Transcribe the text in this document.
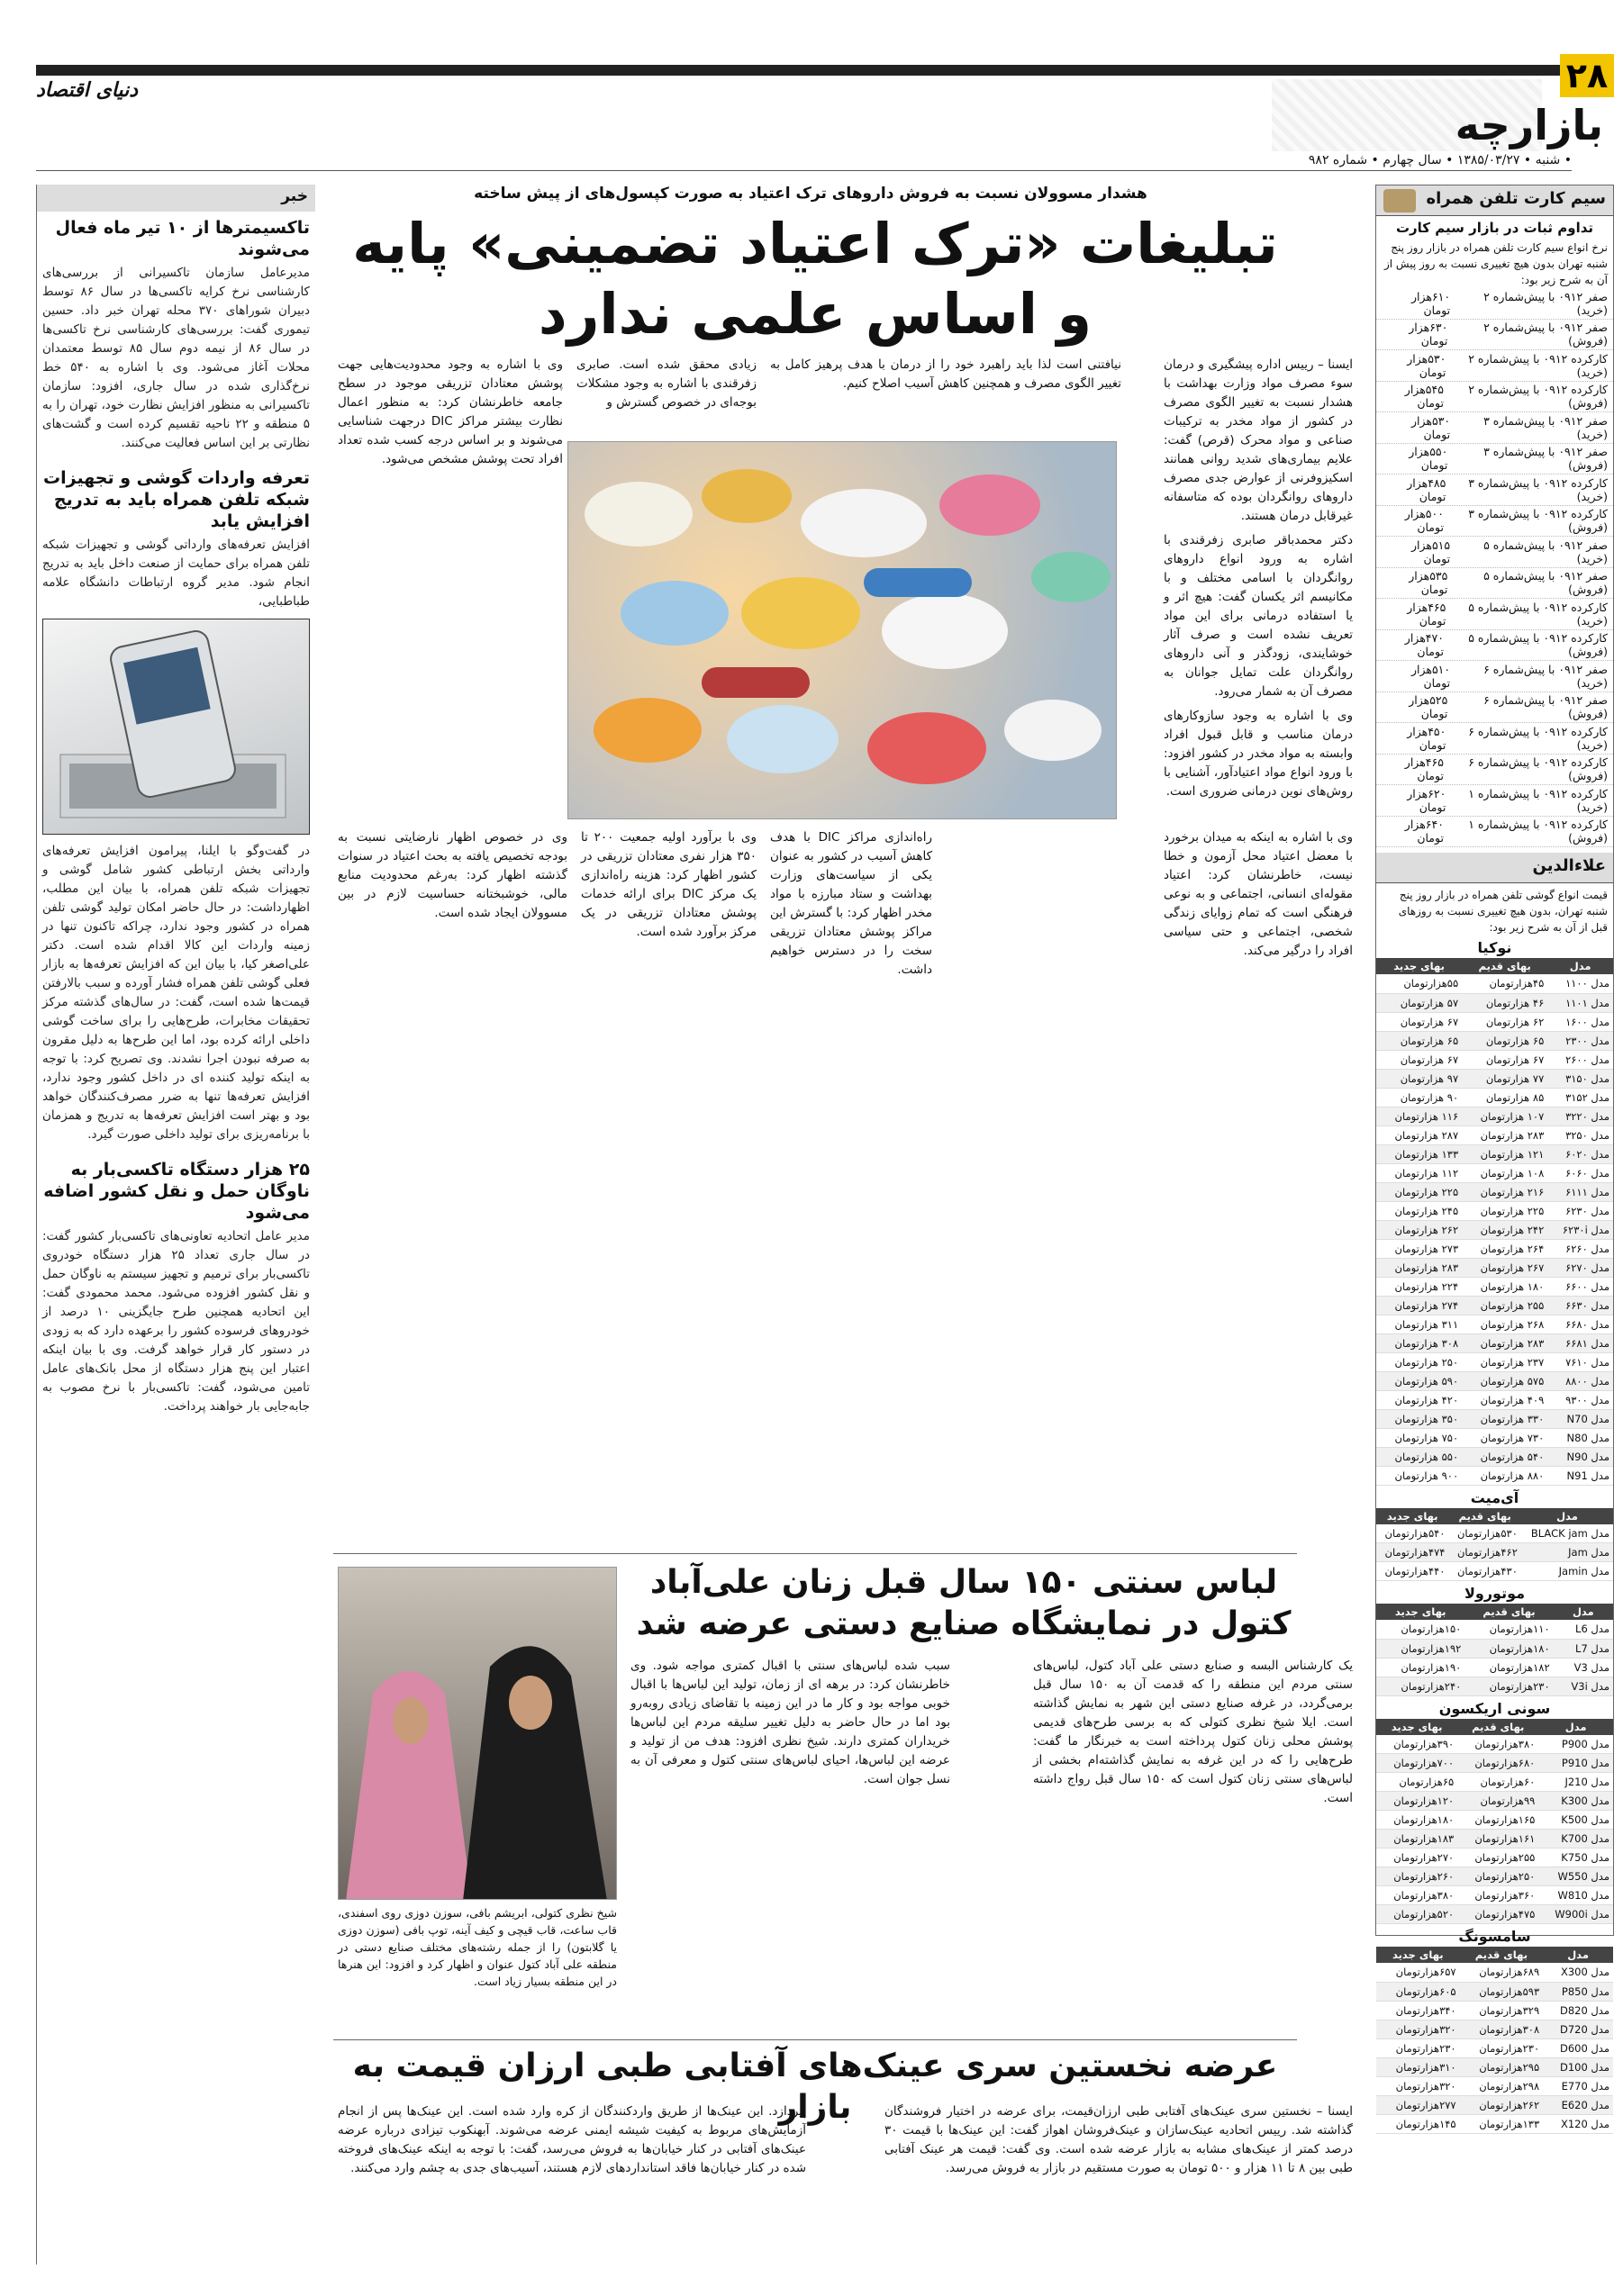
۲۸
بازارچه
دنیای اقتصاد
• شنبه • ۱۳۸۵/۰۳/۲۷ • سال چهارم • شماره ۹۸۲
سیم کارت تلفن همراه
تداوم ثبات در بازار سیم کارت
نرخ انواع سیم کارت تلفن همراه در بازار روز پنج شنبه تهران بدون هیچ تغییری نسبت به روز پیش از آن به شرح زیر بود:
صفر ۰۹۱۲ با پیش‌شماره ۲ (خرید)
۶۱۰هزار تومان
صفر ۰۹۱۲ با پیش‌شماره ۲ (فروش)
۶۳۰هزار تومان
کارکرده ۰۹۱۲ با پیش‌شماره ۲ (خرید)
۵۳۰هزار تومان
کارکرده ۰۹۱۲ با پیش‌شماره ۲ (فروش)
۵۴۵هزار تومان
صفر ۰۹۱۲ با پیش‌شماره ۳ (خرید)
۵۳۰هزار تومان
صفر ۰۹۱۲ با پیش‌شماره ۳ (فروش)
۵۵۰هزار تومان
کارکرده ۰۹۱۲ با پیش‌شماره ۳ (خرید)
۴۸۵هزار تومان
کارکرده ۰۹۱۲ با پیش‌شماره ۳ (فروش)
۵۰۰هزار تومان
صفر ۰۹۱۲ با پیش‌شماره ۵ (خرید)
۵۱۵هزار تومان
صفر ۰۹۱۲ با پیش‌شماره ۵ (فروش)
۵۳۵هزار تومان
کارکرده ۰۹۱۲ با پیش‌شماره ۵ (خرید)
۴۶۵هزار تومان
کارکرده ۰۹۱۲ با پیش‌شماره ۵ (فروش)
۴۷۰هزار تومان
صفر ۰۹۱۲ با پیش‌شماره ۶ (خرید)
۵۱۰هزار تومان
صفر ۰۹۱۲ با پیش‌شماره ۶ (فروش)
۵۲۵هزار تومان
کارکرده ۰۹۱۲ با پیش‌شماره ۶ (خرید)
۴۵۰هزار تومان
کارکرده ۰۹۱۲ با پیش‌شماره ۶ (فروش)
۴۶۵هزار تومان
کارکرده ۰۹۱۲ با پیش‌شماره ۱ (خرید)
۶۲۰هزار تومان
کارکرده ۰۹۱۲ با پیش‌شماره ۱ (فروش)
۶۴۰هزار تومان
علاءالدین
قیمت انواع گوشی تلفن همراه در بازار روز پنج شنبه تهران، بدون هیچ تغییری نسبت به روزهای قبل از آن به شرح زیر بود:
نوکیا
مدل	بهای قدیم	بهای جدید
مدل ۱۱۰۰	۴۵هزارتومان	۵۵هزارتومان
مدل ۱۱۰۱	۴۶ هزارتومان	۵۷ هزارتومان
مدل ۱۶۰۰	۶۲ هزارتومان	۶۷ هزارتومان
مدل ۲۳۰۰	۶۵ هزارتومان	۶۵ هزارتومان
مدل ۲۶۰۰	۶۷ هزارتومان	۶۷ هزارتومان
مدل ۳۱۵۰	۷۷ هزارتومان	۹۷ هزارتومان
مدل ۳۱۵۲	۸۵ هزارتومان	۹۰ هزارتومان
مدل ۳۲۲۰	۱۰۷ هزارتومان	۱۱۶ هزارتومان
مدل ۳۲۵۰	۲۸۳ هزارتومان	۲۸۷ هزارتومان
مدل ۶۰۲۰	۱۲۱ هزارتومان	۱۳۳ هزارتومان
مدل ۶۰۶۰	۱۰۸ هزارتومان	۱۱۲ هزارتومان
مدل ۶۱۱۱	۲۱۶ هزارتومان	۲۲۵ هزارتومان
مدل ۶۲۳۰	۲۲۵ هزارتومان	۲۴۵ هزارتومان
مدل ۶۲۳۰i	۲۴۲ هزارتومان	۲۶۲ هزارتومان
مدل ۶۲۶۰	۲۶۴ هزارتومان	۲۷۳ هزارتومان
مدل ۶۲۷۰	۲۶۷ هزارتومان	۲۸۳ هزارتومان
مدل ۶۶۰۰	۱۸۰ هزارتومان	۲۲۴ هزارتومان
مدل ۶۶۳۰	۲۵۵ هزارتومان	۲۷۴ هزارتومان
مدل ۶۶۸۰	۲۶۸ هزارتومان	۳۱۱ هزارتومان
مدل ۶۶۸۱	۲۸۳ هزارتومان	۳۰۸ هزارتومان
مدل ۷۶۱۰	۲۳۷ هزارتومان	۲۵۰ هزارتومان
مدل ۸۸۰۰	۵۷۵ هزارتومان	۵۹۰ هزارتومان
مدل ۹۳۰۰	۴۰۹ هزارتومان	۴۲۰ هزارتومان
مدل N70	۳۳۰ هزارتومان	۳۵۰ هزارتومان
مدل N80	۷۳۰ هزارتومان	۷۵۰ هزارتومان
مدل N90	۵۴۰ هزارتومان	۵۵۰ هزارتومان
مدل N91	۸۸۰ هزارتومان	۹۰۰ هزارتومان
آی‌میت
مدل	بهای قدیم	بهای جدید
مدل BLACK jam	۵۳۰هزارتومان	۵۴۰هزارتومان
مدل Jam	۴۶۲هزارتومان	۴۷۴هزارتومان
مدل Jamin	۴۳۰هزارتومان	۴۴۰هزارتومان
موتورولا
مدل	بهای قدیم	بهای جدید
مدل L6	۱۱۰هزارتومان	۱۵۰هزارتومان
مدل L7	۱۸۰هزارتومان	۱۹۲هزارتومان
مدل V3	۱۸۲هزارتومان	۱۹۰هزارتومان
مدل V3i	۲۳۰هزارتومان	۲۴۰هزارتومان
سونی اریکسون
مدل	بهای قدیم	بهای جدید
مدل P900	۳۸۰هزارتومان	۳۹۰هزارتومان
مدل P910	۶۸۰هزارتومان	۷۰۰هزارتومان
مدل J210	۶۰هزارتومان	۶۵هزارتومان
مدل K300	۹۹هزارتومان	۱۲۰هزارتومان
مدل K500	۱۶۵هزارتومان	۱۸۰هزارتومان
مدل K700	۱۶۱هزارتومان	۱۸۳هزارتومان
مدل K750	۲۵۵هزارتومان	۲۷۰هزارتومان
مدل W550	۲۵۰هزارتومان	۲۶۰هزارتومان
مدل W810	۳۶۰هزارتومان	۳۸۰هزارتومان
مدل W900i	۴۷۵هزارتومان	۵۲۰هزارتومان
سامسونگ
مدل	بهای قدیم	بهای جدید
مدل X300	۶۸۹هزارتومان	۶۵۷هزارتومان
مدل P850	۵۹۳هزارتومان	۶۰۵هزارتومان
مدل D820	۳۲۹هزارتومان	۳۴۰هزارتومان
مدل D720	۳۰۸هزارتومان	۳۲۰هزارتومان
مدل D600	۲۳۰هزارتومان	۲۳۰هزارتومان
مدل D100	۲۹۵هزارتومان	۳۱۰هزارتومان
مدل E770	۲۹۸هزارتومان	۳۲۰هزارتومان
مدل E620	۲۶۲هزارتومان	۲۷۷هزارتومان
مدل X120	۱۳۳هزارتومان	۱۴۵هزارتومان
خبر
تاکسیمتر‌ها از ۱۰ تیر ماه فعال می‌شوند
مدیرعامل سازمان تاکسیرانی از بررسی‌های کارشناسی نرخ کرایه تاکسی‌ها در سال ۸۶ توسط دبیران شوراهای ۳۷۰ محله تهران خبر داد. حسین تیموری گفت: بررسی‌های کارشناسی نرخ تاکسی‌ها در سال ۸۶ از نیمه دوم سال ۸۵ توسط معتمدان محلات آغاز می‌شود. وی با اشاره به ۵۴۰ خط نرخ‌گذاری شده در سال جاری، افزود: سازمان تاکسیرانی به منظور افزایش نظارت خود، تهران را به ۵ منطقه و ۲۲ ناحیه تقسیم کرده است و گشت‌های نظارتی بر این اساس فعالیت می‌کنند.
تعرفه واردات گوشی و تجهیزات شبکه تلفن همراه باید به تدریج افزایش یابد
افزایش تعرفه‌های وارداتی گوشی و تجهیزات شبکه تلفن همراه برای حمایت از صنعت داخل باید به تدریج انجام شود. مدیر گروه ارتباطات دانشگاه علامه طباطبایی،
در گفت‌وگو با ایلنا، پیرامون افزایش تعرفه‌های وارداتی بخش ارتباطی کشور شامل گوشی و تجهیزات شبکه تلفن همراه، با بیان این مطلب، اظهارداشت: در حال حاضر امکان تولید گوشی تلفن همراه در کشور وجود ندارد، چراکه تاکنون تنها در زمینه واردات این کالا اقدام شده است. دکتر علی‌اصغر کیا، با بیان این که افزایش تعرفه‌ها به بازار فعلی گوشی تلفن همراه فشار آورده و سبب بالارفتن قیمت‌ها شده است، گفت: در سال‌های گذشته مرکز تحقیقات مخابرات، طرح‌هایی را برای ساخت گوشی داخلی ارائه کرده بود، اما این طرح‌ها به دلیل مقرون به صرفه نبودن اجرا نشدند. وی تصریح کرد: با توجه به اینکه تولید کننده ای در داخل کشور وجود ندارد، افزایش تعرفه‌ها تنها به ضرر مصرف‌کنندگان خواهد بود و بهتر است افزایش تعرفه‌ها به تدریج و همزمان با برنامه‌ریزی برای تولید داخلی صورت گیرد.
۲۵ هزار دستگاه تاکسی‌بار به ناوگان حمل و نقل کشور اضافه می‌شود
مدیر عامل اتحادیه تعاونی‌های تاکسی‌بار کشور گفت: در سال جاری تعداد ۲۵ هزار دستگاه خودروی تاکسی‌بار برای ترمیم و تجهیز سیستم به ناوگان حمل و نقل کشور افزوده می‌شود. محمد محمودی گفت: این اتحادیه همچنین طرح جایگزینی ۱۰ درصد از خودروهای فرسوده کشور را برعهده دارد که به زودی در دستور کار قرار خواهد گرفت. وی با بیان اینکه اعتبار این پنج هزار دستگاه از محل بانک‌های عامل تامین می‌شود، گفت: تاکسی‌بار با نرخ مصوب به جابه‌جایی بار خواهند پرداخت.
هشدار مسوولان نسبت به فروش داروهای ترک اعتیاد به صورت کپسول‌های از پیش ساخته
تبلیغات «ترک اعتیاد تضمینی» پایه و اساس علمی ندارد

ایسنا – رییس اداره پیشگیری و درمان سوء مصرف مواد وزارت بهداشت با هشدار نسبت به تغییر الگوی مصرف در کشور از مواد مخدر به ترکیبات صناعی و مواد محرک (قرص) گفت: علایم بیماری‌های شدید روانی همانند اسکیزوفرنی از عوارض جدی مصرف داروهای روانگردان بوده که متاسفانه غیرقابل درمان هستند.

دکتر محمدباقر صابری زفرقندی با اشاره به ورود انواع داروهای روانگردان با اسامی مختلف و با مکانیسم اثر یکسان گفت: هیچ اثر و یا استفاده درمانی برای این مواد تعریف نشده است و صرف آثار خوشایندی، زودگذر و آنی داروهای روانگردان علت تمایل جوانان به مصرف آن به شمار می‌رود.

وی با اشاره به وجود سازوکارهای درمان مناسب و قابل قبول افراد وابسته به مواد مخدر در کشور افزود: با ورود انواع مواد اعتیادآور، آشنایی با روش‌های نوین درمانی ضروری است.

نیافتنی است لذا باید راهبرد خود را از درمان با هدف پرهیز کامل به تغییر الگوی مصرف و همچنین کاهش آسیب اصلاح کنیم.
زیادی محقق شده است. صابری زفرقندی با اشاره به وجود مشکلات بوجه‌ای در خصوص گسترش و
وی با اشاره به وجود محدودیت‌هایی جهت پوشش معتادان تزریقی موجود در سطح جامعه خاطرنشان کرد: به منظور اعمال نظارت بیشتر مراکز DIC درجهت شناسایی می‌شوند و بر اساس درجه کسب شده تعداد افراد تحت پوشش مشخص می‌شود.
وی با اشاره به اینکه به میدان برخورد با معضل اعتیاد محل آزمون و خطا نیست، خاطرنشان کرد: اعتیاد مقوله‌ای انسانی، اجتماعی و به نوعی فرهنگی است که تمام زوایای زندگی شخصی، اجتماعی و حتی سیاسی افراد را درگیر می‌کند.
راه‌اندازی مراکز DIC با هدف کاهش آسیب در کشور به عنوان یکی از سیاست‌های وزارت بهداشت و ستاد مبارزه با مواد مخدر اظهار کرد: با گسترش این مراکز پوشش معتادان تزریقی سخت را در دسترس خواهیم داشت.
وی با برآورد اولیه جمعیت ۲۰۰ تا ۳۵۰ هزار نفری معتادان تزریقی در کشور اظهار کرد: هزینه راه‌اندازی یک مرکز DIC برای ارائه خدمات پوشش معتادان تزریقی در یک مرکز برآورد شده است.
وی در خصوص اظهار نارضایتی نسبت به بودجه تخصیص یافته به بحث اعتیاد در سنوات گذشته اظهار کرد: به‌رغم محدودیت منابع مالی، خوشبختانه حساسیت لازم در بین مسوولان ایجاد شده است.
لباس سنتی ۱۵۰ سال قبل زنان علی‌آباد کتول در نمایشگاه صنایع دستی عرضه شد
یک کارشناس البسه و صنایع دستی علی آباد کتول، لباس‌های سنتی مردم این منطقه را که قدمت آن به ۱۵۰ سال قبل برمی‌گردد، در غرفه صنایع دستی این شهر به نمایش گذاشته است. ایلا شیخ نظری کتولی که به برسی طرح‌های قدیمی پوشش محلی زنان کتول پرداخته است به خبرنگار ما گفت: طرح‌هایی را که در این غرفه به نمایش گذاشته‌ام بخشی از لباس‌های سنتی زنان کتول است که ۱۵۰ سال قبل رواج داشته است.
سبب شده لباس‌های سنتی با اقبال کمتری مواجه شود. وی خاطرنشان کرد: در برهه ای از زمان، تولید این لباس‌ها با اقبال خوبی مواجه بود و کار ما در این زمینه با تقاضای زیادی روبه‌رو بود اما در حال حاضر به دلیل تغییر سلیقه مردم این لباس‌ها خریداران کمتری دارند. شیخ نظری افزود: هدف من از تولید و عرضه این لباس‌ها، احیای لباس‌های سنتی کتول و معرفی آن به نسل جوان است.
شیخ نظری کتولی، ابریشم بافی، سوزن دوزی روی اسفندی، قاب ساعت، قاب قیچی و کیف آینه، توپ بافی (سوزن دوزی یا گلابتون) را از جمله رشته‌های مختلف صنایع دستی در منطقه علی آباد کتول عنوان و اظهار کرد و افزود: این هنرها در این منطقه بسیار زیاد است.
عرضه نخستین سری عینک‌های آفتابی طبی ارزان قیمت به بازار	ایسنا – نخستین سری عینک‌های آفتابی طبی ارزان‌قیمت، برای عرضه در اختیار فروشندگان گذاشته شد. رییس اتحادیه عینک‌سازان و عینک‌فروشان اهواز گفت: این عینک‌ها با قیمت ۳۰ درصد کمتر از عینک‌های مشابه به بازار عرضه شده است. وی گفت: قیمت هر عینک آفتابی طبی بین ۸ تا ۱۱ هزار و ۵۰۰ تومان به صورت مستقیم در بازار به فروش می‌رسد.
پیردازد. این عینک‌ها از طریق واردکنندگان از کره وارد شده است. این عینک‌ها پس از انجام آزمایش‌های مربوط به کیفیت شیشه ایمنی عرضه می‌شوند. آبهنکوب تیزادی درباره عرضه عینک‌های آفتابی در کنار خیابان‌ها به فروش می‌رسد، گفت: با توجه به اینکه عینک‌های فروخته شده در کنار خیابان‌ها فاقد استانداردهای لازم هستند، آسیب‌های جدی به چشم وارد می‌کنند.
